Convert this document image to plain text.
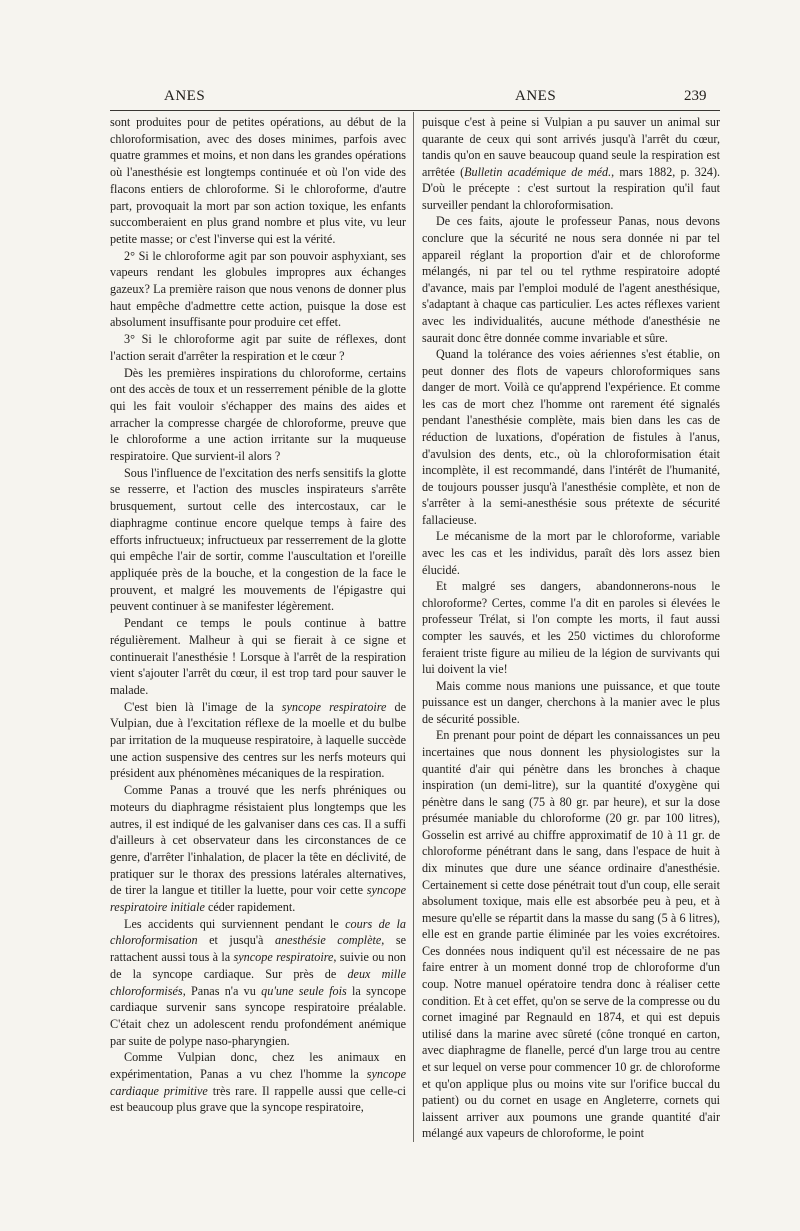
ANES	ANES	239

sont produites pour de petites opérations, au début de la chloroformisation, avec des doses minimes, parfois avec quatre grammes et moins, et non dans les grandes opérations où l'anesthésie est longtemps continuée et où l'on vide des flacons entiers de chloroforme. Si le chloroforme, d'autre part, provoquait la mort par son action toxique, les enfants succomberaient en plus grand nombre et plus vite, vu leur petite masse; or c'est l'inverse qui est la vérité.

2° Si le chloroforme agit par son pouvoir asphyxiant, ses vapeurs rendant les globules impropres aux échanges gazeux? La première raison que nous venons de donner plus haut empêche d'admettre cette action, puisque la dose est absolument insuffisante pour produire cet effet.

3° Si le chloroforme agit par suite de réflexes, dont l'action serait d'arrêter la respiration et le cœur ?

Dès les premières inspirations du chloroforme, certains ont des accès de toux et un resserrement pénible de la glotte qui les fait vouloir s'échapper des mains des aides et arracher la compresse chargée de chloroforme, preuve que le chloroforme a une action irritante sur la muqueuse respiratoire. Que survient-il alors ?

Sous l'influence de l'excitation des nerfs sensitifs la glotte se resserre, et l'action des muscles inspirateurs s'arrête brusquement, surtout celle des intercostaux, car le diaphragme continue encore quelque temps à faire des efforts infructueux; infructueux par resserrement de la glotte qui empêche l'air de sortir, comme l'auscultation et l'oreille appliquée près de la bouche, et la congestion de la face le prouvent, et malgré les mouvements de l'épigastre qui peuvent continuer à se manifester légèrement.

Pendant ce temps le pouls continue à battre régulièrement. Malheur à qui se fierait à ce signe et continuerait l'anesthésie ! Lorsque à l'arrêt de la respiration vient s'ajouter l'arrêt du cœur, il est trop tard pour sauver le malade.

C'est bien là l'image de la syncope respiratoire de Vulpian, due à l'excitation réflexe de la moelle et du bulbe par irritation de la muqueuse respiratoire, à laquelle succède une action suspensive des centres sur les nerfs moteurs qui président aux phénomènes mécaniques de la respiration.

Comme Panas a trouvé que les nerfs phréniques ou moteurs du diaphragme résistaient plus longtemps que les autres, il est indiqué de les galvaniser dans ces cas. Il a suffi d'ailleurs à cet observateur dans les circonstances de ce genre, d'arrêter l'inhalation, de placer la tête en déclivité, de pratiquer sur le thorax des pressions latérales alternatives, de tirer la langue et titiller la luette, pour voir cette syncope respiratoire initiale céder rapidement.

Les accidents qui surviennent pendant le cours de la chloroformisation et jusqu'à anesthésie complète, se rattachent aussi tous à la syncope respiratoire, suivie ou non de la syncope cardiaque. Sur près de deux mille chloroformisés, Panas n'a vu qu'une seule fois la syncope cardiaque survenir sans syncope respiratoire préalable. C'était chez un adolescent rendu profondément anémique par suite de polype naso-pharyngien.

Comme Vulpian donc, chez les animaux en expérimentation, Panas a vu chez l'homme la syncope cardiaque primitive très rare. Il rappelle aussi que celle-ci est beaucoup plus grave que la syncope respiratoire,

puisque c'est à peine si Vulpian a pu sauver un animal sur quarante de ceux qui sont arrivés jusqu'à l'arrêt du cœur, tandis qu'on en sauve beaucoup quand seule la respiration est arrêtée (Bulletin académique de méd., mars 1882, p. 324). D'où le précepte : c'est surtout la respiration qu'il faut surveiller pendant la chloroformisation.

De ces faits, ajoute le professeur Panas, nous devons conclure que la sécurité ne nous sera donnée ni par tel appareil réglant la proportion d'air et de chloroforme mélangés, ni par tel ou tel rythme respiratoire adopté d'avance, mais par l'emploi modulé de l'agent anesthésique, s'adaptant à chaque cas particulier. Les actes réflexes varient avec les individualités, aucune méthode d'anesthésie ne saurait donc être donnée comme invariable et sûre.

Quand la tolérance des voies aériennes s'est établie, on peut donner des flots de vapeurs chloroformiques sans danger de mort. Voilà ce qu'apprend l'expérience. Et comme les cas de mort chez l'homme ont rarement été signalés pendant l'anesthésie complète, mais bien dans les cas de réduction de luxations, d'opération de fistules à l'anus, d'avulsion des dents, etc., où la chloroformisation était incomplète, il est recommandé, dans l'intérêt de l'humanité, de toujours pousser jusqu'à l'anesthésie complète, et non de s'arrêter à la semi-anesthésie sous prétexte de sécurité fallacieuse.

Le mécanisme de la mort par le chloroforme, variable avec les cas et les individus, paraît dès lors assez bien élucidé.

Et malgré ses dangers, abandonnerons-nous le chloroforme? Certes, comme l'a dit en paroles si élevées le professeur Trélat, si l'on compte les morts, il faut aussi compter les sauvés, et les 250 victimes du chloroforme feraient triste figure au milieu de la légion de survivants qui lui doivent la vie!

Mais comme nous manions une puissance, et que toute puissance est un danger, cherchons à la manier avec le plus de sécurité possible.

En prenant pour point de départ les connaissances un peu incertaines que nous donnent les physiologistes sur la quantité d'air qui pénètre dans les bronches à chaque inspiration (un demi-litre), sur la quantité d'oxygène qui pénètre dans le sang (75 à 80 gr. par heure), et sur la dose présumée maniable du chloroforme (20 gr. par 100 litres), Gosselin est arrivé au chiffre approximatif de 10 à 11 gr. de chloroforme pénétrant dans le sang, dans l'espace de huit à dix minutes que dure une séance ordinaire d'anesthésie. Certainement si cette dose pénétrait tout d'un coup, elle serait absolument toxique, mais elle est absorbée peu à peu, et à mesure qu'elle se répartit dans la masse du sang (5 à 6 litres), elle est en grande partie éliminée par les voies excrétoires. Ces données nous indiquent qu'il est nécessaire de ne pas faire entrer à un moment donné trop de chloroforme d'un coup. Notre manuel opératoire tendra donc à réaliser cette condition. Et à cet effet, qu'on se serve de la compresse ou du cornet imaginé par Regnauld en 1874, et qui est depuis utilisé dans la marine avec sûreté (cône tronqué en carton, avec diaphragme de flanelle, percé d'un large trou au centre et sur lequel on verse pour commencer 10 gr. de chloroforme et qu'on applique plus ou moins vite sur l'orifice buccal du patient) ou du cornet en usage en Angleterre, cornets qui laissent arriver aux poumons une grande quantité d'air mélangé aux vapeurs de chloroforme, le point
